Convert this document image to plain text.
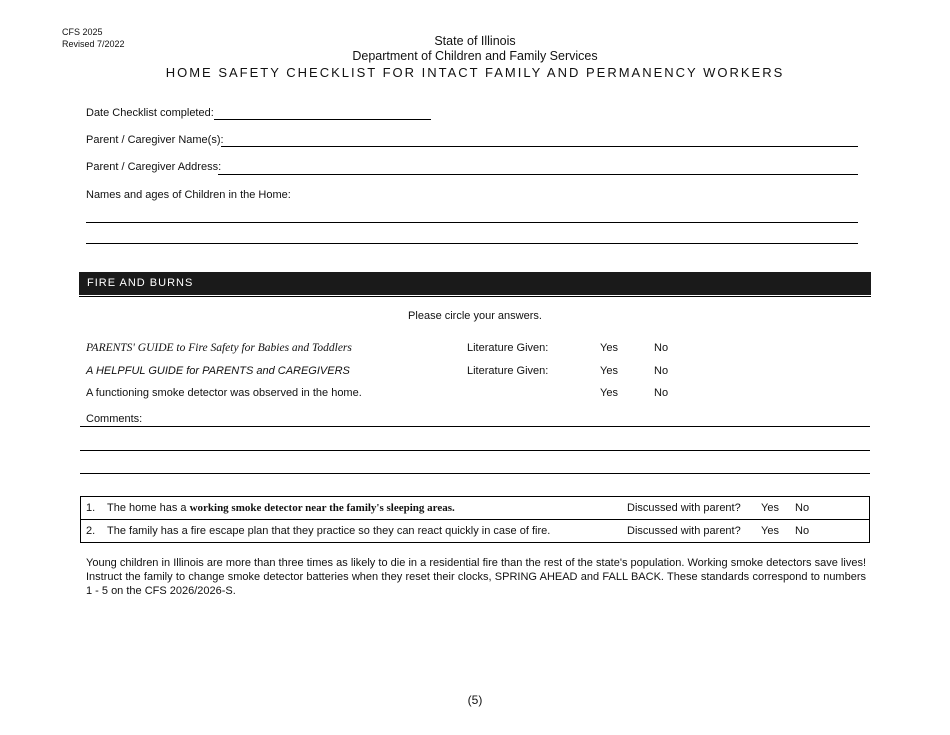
CFS 2025
Revised 7/2022	State of Illinois
Department of Children and Family Services
HOME SAFETY CHECKLIST FOR INTACT FAMILY AND PERMANENCY WORKERS
Date Checklist completed:
Parent / Caregiver Name(s):
Parent / Caregiver Address:
Names and ages of Children in the Home:
FIRE AND BURNS
Please circle your answers.
PARENTS' GUIDE to Fire Safety for Babies and Toddlers	Literature Given:	Yes	No
A HELPFUL GUIDE for PARENTS and CAREGIVERS	Literature Given:	Yes	No
A functioning smoke detector was observed in the home.	Yes	No
Comments:
1. The home has a working smoke detector near the family's sleeping areas.	Discussed with parent? Yes No
2. The family has a fire escape plan that they practice so they can react quickly in case of fire.	Discussed with parent? Yes No
Young children in Illinois are more than three times as likely to die in a residential fire than the rest of the state's population. Working smoke detectors save lives! Instruct the family to change smoke detector batteries when they reset their clocks, SPRING AHEAD and FALL BACK. These standards correspond to numbers 1 - 5 on the CFS 2026/2026-S.
(5)
